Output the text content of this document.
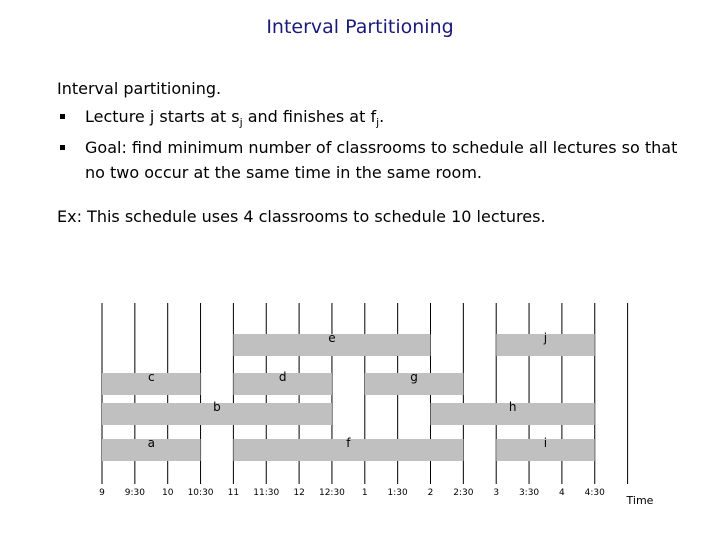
Interval Partitioning
Interval partitioning.
Lecture j starts at $s_j$ and finishes at $f_j$.
Goal: find minimum number of classrooms to schedule all lectures so that no two occur at the same time in the same room.
Ex: This schedule uses 4 classrooms to schedule 10 lectures.
e	j
c	d	g
b	h
a	f	i
9 9:30 10 10:30 11 11:30 12 12:30 1 1:30 2 2:30 3 3:30 4 4:30
Time
